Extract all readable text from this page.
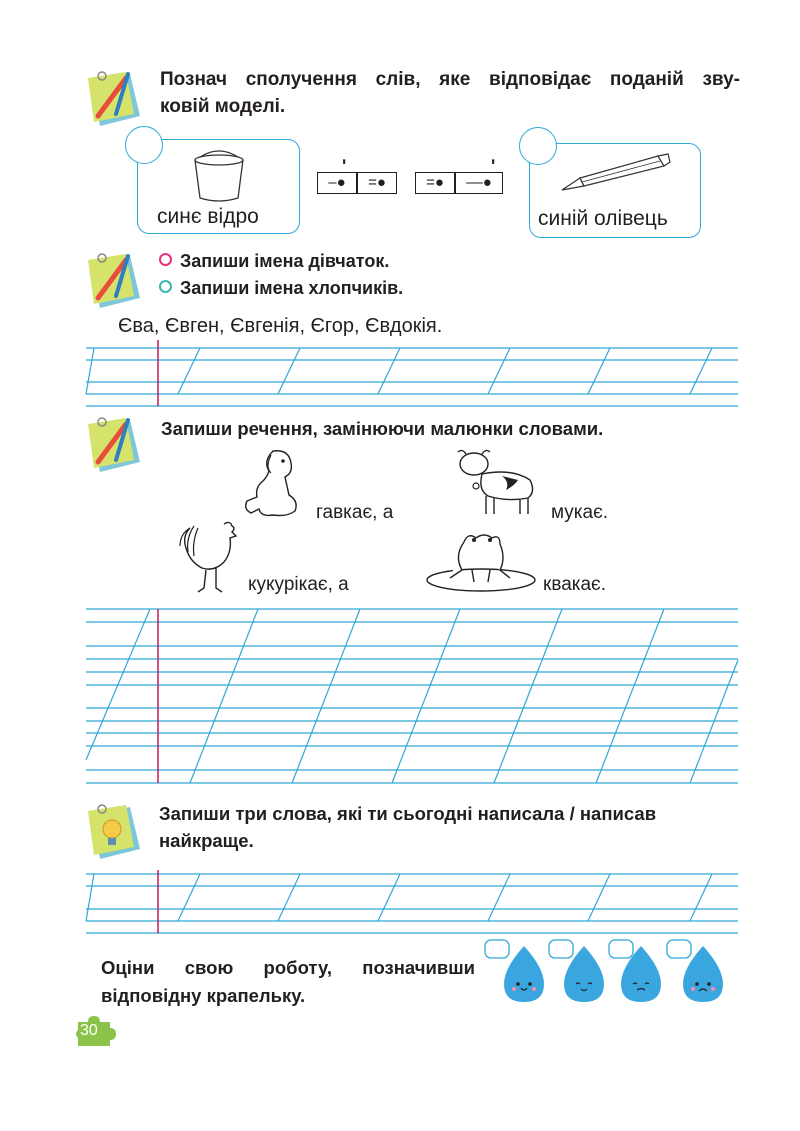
Познач сполучення слів, яке відповідає поданій зву-
ковій моделі.
синє відро
ʹ
–●	=●
ʹ
=●	––●
синій олівець
Запиши імена дівчаток.
Запиши імена хлопчиків.
Єва, Євген, Євгенія, Єгор, Євдокія.
Запиши речення, замінюючи малюнки словами.
гавкає, а	мукає.
кукурікає, а	квакає.
Запиши три слова, які ти сьогодні написала / написав
найкраще.
Оціни свою роботу, позначивши
відповідну крапельку.
30
